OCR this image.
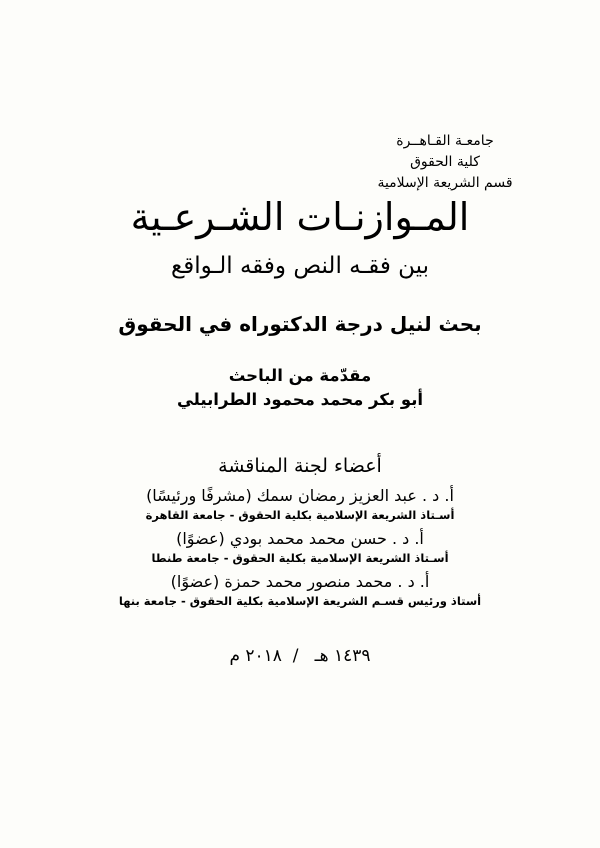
جامعـة القـاهــرة
كلية الحقوق
قسم الشريعة الإسلامية
المـوازنـات الشـرعـية
بين فقـه النص وفقه الـواقع
بحث لنيل درجة الدكتوراه في الحقوق
مقدّمة من الباحث
أبو بكر محمد محمود الطرابيلي
أعضاء لجنة المناقشة
أ. د . عبد العزيز رمضان سمك (مشرفًا ورئيسًا)
أسـتاذ الشريعة الإسلامية بكلية الحقوق - جامعة القاهرة
أ. د . حسن محمد محمد بودي (عضوًا)
أسـتاذ الشريعة الإسلامية بكلية الحقوق - جامعة طنطا
أ. د . محمد منصور محمد حمزة (عضوًا)
أستاذ ورئيس قسـم الشريعة الإسلامية بكلية الحقوق - جامعة بنها
١٤٣٩ هـ   /  ٢٠١٨ م
